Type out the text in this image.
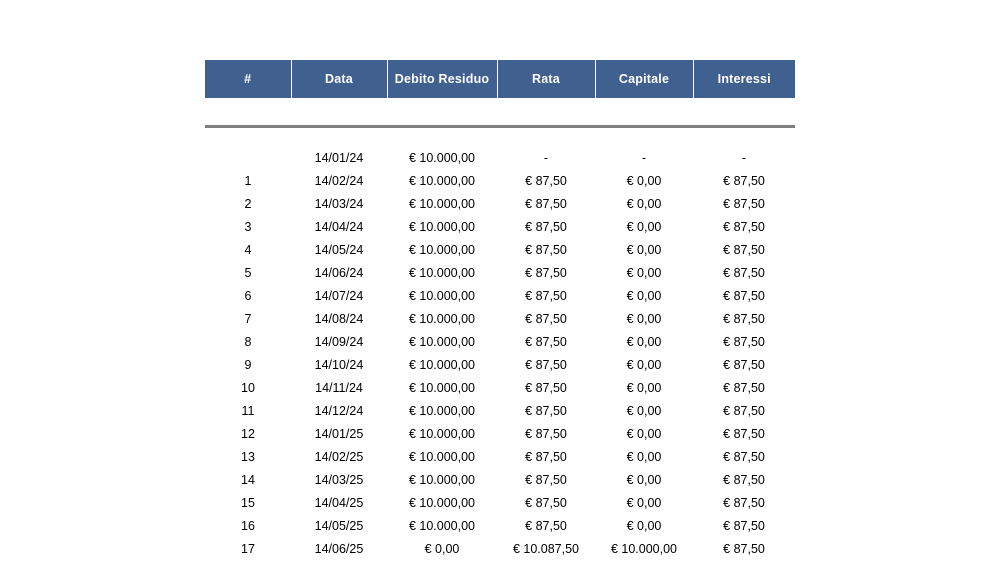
#	Data	Debito Residuo	Rata	Capitale	Interessi

	14/01/24	€ 10.000,00	-	-	-
1	14/02/24	€ 10.000,00	€ 87,50	€ 0,00	€ 87,50
2	14/03/24	€ 10.000,00	€ 87,50	€ 0,00	€ 87,50
3	14/04/24	€ 10.000,00	€ 87,50	€ 0,00	€ 87,50
4	14/05/24	€ 10.000,00	€ 87,50	€ 0,00	€ 87,50
5	14/06/24	€ 10.000,00	€ 87,50	€ 0,00	€ 87,50
6	14/07/24	€ 10.000,00	€ 87,50	€ 0,00	€ 87,50
7	14/08/24	€ 10.000,00	€ 87,50	€ 0,00	€ 87,50
8	14/09/24	€ 10.000,00	€ 87,50	€ 0,00	€ 87,50
9	14/10/24	€ 10.000,00	€ 87,50	€ 0,00	€ 87,50
10	14/11/24	€ 10.000,00	€ 87,50	€ 0,00	€ 87,50
11	14/12/24	€ 10.000,00	€ 87,50	€ 0,00	€ 87,50
12	14/01/25	€ 10.000,00	€ 87,50	€ 0,00	€ 87,50
13	14/02/25	€ 10.000,00	€ 87,50	€ 0,00	€ 87,50
14	14/03/25	€ 10.000,00	€ 87,50	€ 0,00	€ 87,50
15	14/04/25	€ 10.000,00	€ 87,50	€ 0,00	€ 87,50
16	14/05/25	€ 10.000,00	€ 87,50	€ 0,00	€ 87,50
17	14/06/25	€ 0,00	€ 10.087,50	€ 10.000,00	€ 87,50
